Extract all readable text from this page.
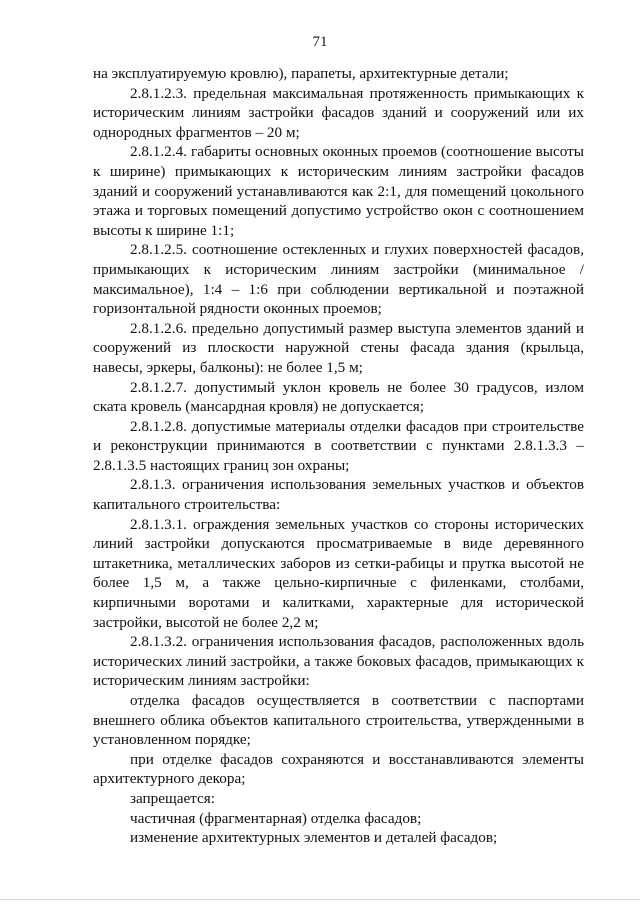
71

на эксплуатируемую кровлю), парапеты, архитектурные детали;

2.8.1.2.3. предельная максимальная протяженность примыкающих к историческим линиям застройки фасадов зданий и сооружений или их однородных фрагментов – 20 м;

2.8.1.2.4. габариты основных оконных проемов (соотношение высоты к ширине) примыкающих к историческим линиям застройки фасадов зданий и сооружений устанавливаются как 2:1, для помещений цокольного этажа и торговых помещений допустимо устройство окон с соотношением высоты к ширине 1:1;

2.8.1.2.5. соотношение остекленных и глухих поверхностей фасадов, примыкающих к историческим линиям застройки (минимальное / максимальное), 1:4 – 1:6 при соблюдении вертикальной и поэтажной горизонтальной рядности оконных проемов;

2.8.1.2.6. предельно допустимый размер выступа элементов зданий и сооружений из плоскости наружной стены фасада здания (крыльца, навесы, эркеры, балконы): не более 1,5 м;

2.8.1.2.7. допустимый уклон кровель не более 30 градусов, излом ската кровель (мансардная кровля) не допускается;

2.8.1.2.8. допустимые материалы отделки фасадов при строительстве и реконструкции принимаются в соответствии с пунктами 2.8.1.3.3 – 2.8.1.3.5 настоящих границ зон охраны;

2.8.1.3. ограничения использования земельных участков и объектов капитального строительства:

2.8.1.3.1. ограждения земельных участков со стороны исторических линий застройки допускаются просматриваемые в виде деревянного штакетника, металлических заборов из сетки-рабицы и прутка высотой не более 1,5 м, а также цельно-кирпичные с филенками, столбами, кирпичными воротами и калитками, характерные для исторической застройки, высотой не более 2,2 м;

2.8.1.3.2. ограничения использования фасадов, расположенных вдоль исторических линий застройки, а также боковых фасадов, примыкающих к историческим линиям застройки:

отделка фасадов осуществляется в соответствии с паспортами внешнего облика объектов капитального строительства, утвержденными в установленном порядке;

при отделке фасадов сохраняются и восстанавливаются элементы архитектурного декора;

запрещается:

частичная (фрагментарная) отделка фасадов;

изменение архитектурных элементов и деталей фасадов;
